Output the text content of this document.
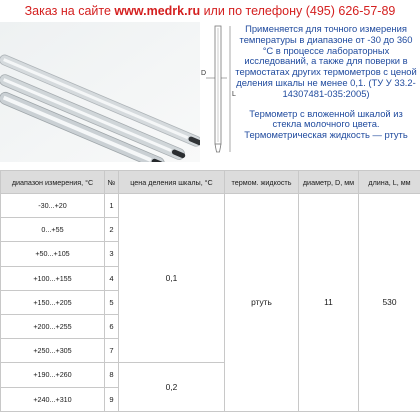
Заказ на сайте www.medrk.ru или по телефону (495) 626-57-89
D
L

Применяется для точного измерения температуры в диапазоне от -30 до 360 °С в процессе лабораторных исследований, а также для поверки в термостатах других термометров с ценой деления шкалы не менее 0,1. (ТУ У 33.2-14307481-035:2005)

Термометр с вложенной шкалой из стекла молочного цвета. Термометрическая жидкость — ртуть

диапазон измерения, °С	№	цена деления шкалы, °С	термом. жидкость	диаметр, D, мм	длина, L, мм
-30...+20	1	0,1	ртуть	11	530
0...+55	2				
+50...+105	3				
+100...+155	4				
+150...+205	5				
+200...+255	6				
+250...+305	7				
+190...+260	8	0,2			
+240...+310	9				
